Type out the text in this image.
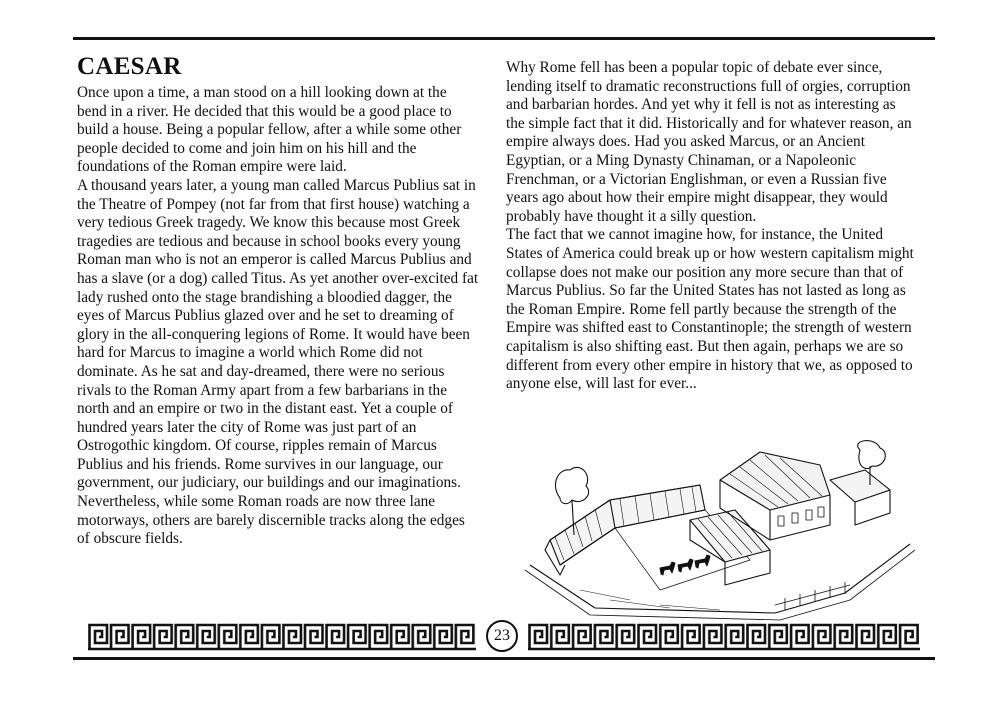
CAESAR

Once upon a time, a man stood on a hill looking down at the bend in a river. He decided that this would be a good place to build a house. Being a popular fellow, after a while some other people decided to come and join him on his hill and the foundations of the Roman empire were laid.

A thousand years later, a young man called Marcus Publius sat in the Theatre of Pompey (not far from that first house) watching a very tedious Greek tragedy. We know this because most Greek tragedies are tedious and because in school books every young Roman man who is not an emperor is called Marcus Publius and has a slave (or a dog) called Titus. As yet another over-excited fat lady rushed onto the stage brandishing a bloodied dagger, the eyes of Marcus Publius glazed over and he set to dreaming of glory in the all-conquering legions of Rome. It would have been hard for Marcus to imagine a world which Rome did not dominate. As he sat and day-dreamed, there were no serious rivals to the Roman Army apart from a few barbarians in the north and an empire or two in the distant east. Yet a couple of hundred years later the city of Rome was just part of an Ostrogothic kingdom. Of course, ripples remain of Marcus Publius and his friends. Rome survives in our language, our government, our judiciary, our buildings and our imaginations. Nevertheless, while some Roman roads are now three lane motorways, others are barely discernible tracks along the edges of obscure fields.

Why Rome fell has been a popular topic of debate ever since, lending itself to dramatic reconstructions full of orgies, corruption and barbarian hordes. And yet why it fell is not as interesting as the simple fact that it did. Historically and for whatever reason, an empire always does. Had you asked Marcus, or an Ancient Egyptian, or a Ming Dynasty Chinaman, or a Napoleonic Frenchman, or a Victorian Englishman, or even a Russian five years ago about how their empire might disappear, they would probably have thought it a silly question.

The fact that we cannot imagine how, for instance, the United States of America could break up or how western capitalism might collapse does not make our position any more secure than that of Marcus Publius. So far the United States has not lasted as long as the Roman Empire. Rome fell partly because the strength of the Empire was shifted east to Constantinople; the strength of western capitalism is also shifting east. But then again, perhaps we are so different from every other empire in history that we, as opposed to anyone else, will last for ever...

23
